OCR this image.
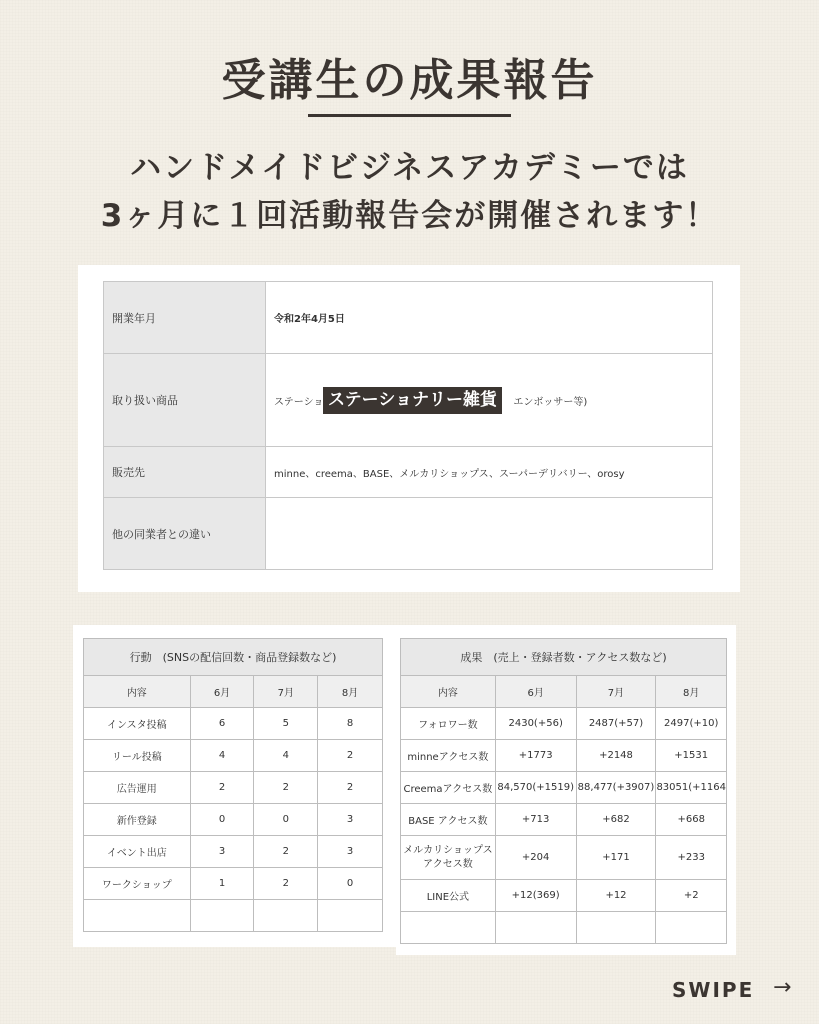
受講生の成果報告
ハンドメイドビジネスアカデミーでは
3ヶ月に１回活動報告会が開催されます！
開業年月	令和2年4月5日
取り扱い商品	ステーショ エンボッサー等)
販売先	minne、creema、BASE、メルカリショップス、スーパーデリバリー、orosy
他の同業者との違い	
ステーショナリー雑貨
行動　(SNSの配信回数・商品登録数など)			
内容	6月	7月	8月
インスタ投稿	6	5	8
リール投稿	4	4	2
広告運用	2	2	2
新作登録	0	0	3
イベント出店	3	2	3
ワークショップ	1	2	0

成果　(売上・登録者数・アクセス数など)			
内容	6月	7月	8月
フォロワー数	2430(+56)	2487(+57)	2497(+10)
minneアクセス数	+1773	+2148	+1531
Creemaアクセス数	84,570(+1519)	88,477(+3907)	83051(+1164
BASE アクセス数	+713	+682	+668
メルカリショップス
アクセス数	+204	+171	+233
LINE公式	+12(369)	+12	+2

SWIPE →
